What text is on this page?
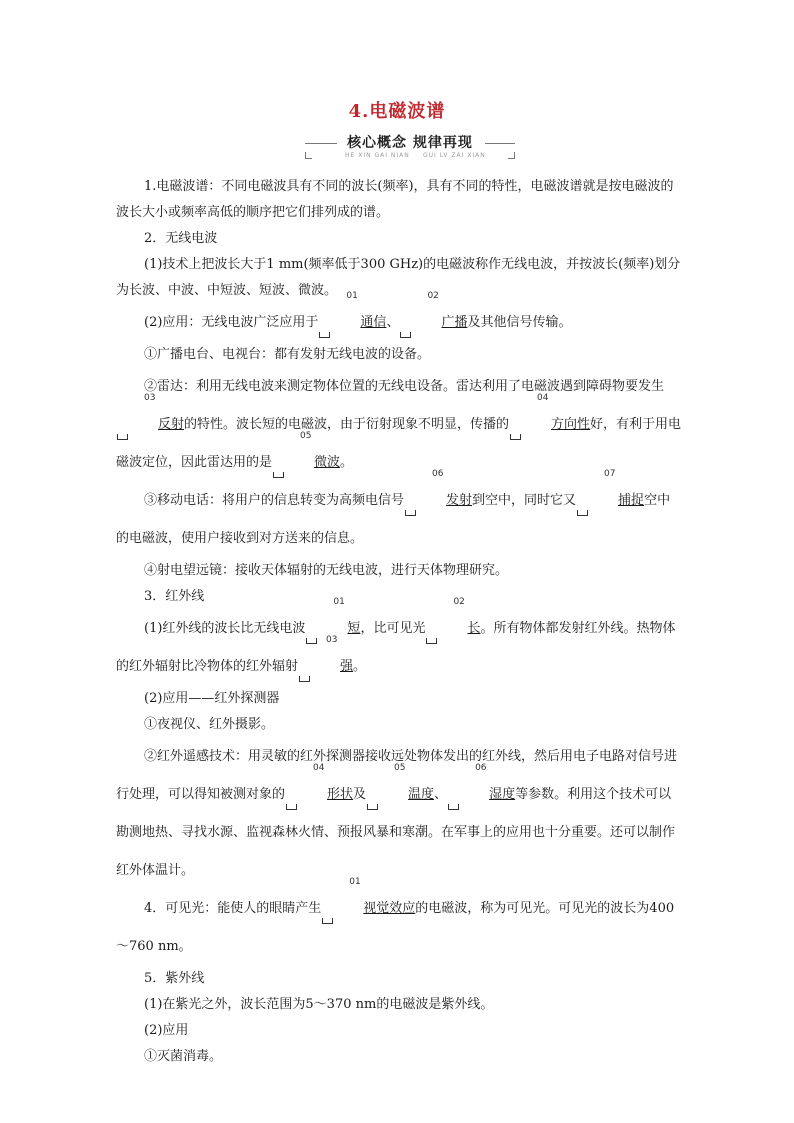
4.电磁波谱
核心概念 规律再现
HE XIN GAI NIAN GUI LV ZAI XIAN

1.电磁波谱：不同电磁波具有不同的波长(频率)，具有不同的特性，电磁波谱就是按电磁波的波长大小或频率高低的顺序把它们排列成的谱。

2．无线电波

(1)技术上把波长大于1 mm(频率低于300 GHz)的电磁波称作无线电波，并按波长(频率)划分为长波、中波、中短波、短波、微波。

(2)应用：无线电波广泛应用于
01
通信、
02
广播及其他信号传输。

①广播电台、电视台：都有发射无线电波的设备。

②雷达：利用无线电波来测定物体位置的无线电设备。雷达利用了电磁波遇到障碍物要发生
03
反射的特性。波长短的电磁波，由于衍射现象不明显，传播的
04
方向性好，有利于用电磁波定位，因此雷达用的是
05
微波。

③移动电话：将用户的信息转变为高频电信号
06
发射到空中，同时它又
07
捕捉空中的电磁波，使用户接收到对方送来的信息。

④射电望远镜：接收天体辐射的无线电波，进行天体物理研究。

3．红外线

(1)红外线的波长比无线电波
01
短，比可见光
02
长。所有物体都发射红外线。热物体的红外辐射比冷物体的红外辐射
03
强。

(2)应用——红外探测器

①夜视仪、红外摄影。

②红外遥感技术：用灵敏的红外探测器接收远处物体发出的红外线，然后用电子电路对信号进行处理，可以得知被测对象的
04
形状及
05
温度、
06
湿度等参数。利用这个技术可以勘测地热、寻找水源、监视森林火情、预报风暴和寒潮。在军事上的应用也十分重要。还可以制作红外体温计。

4．可见光：能使人的眼睛产生
01
视觉效应的电磁波，称为可见光。可见光的波长为400～760 nm。

5．紫外线

(1)在紫光之外，波长范围为5～370 nm的电磁波是紫外线。

(2)应用

①灭菌消毒。
